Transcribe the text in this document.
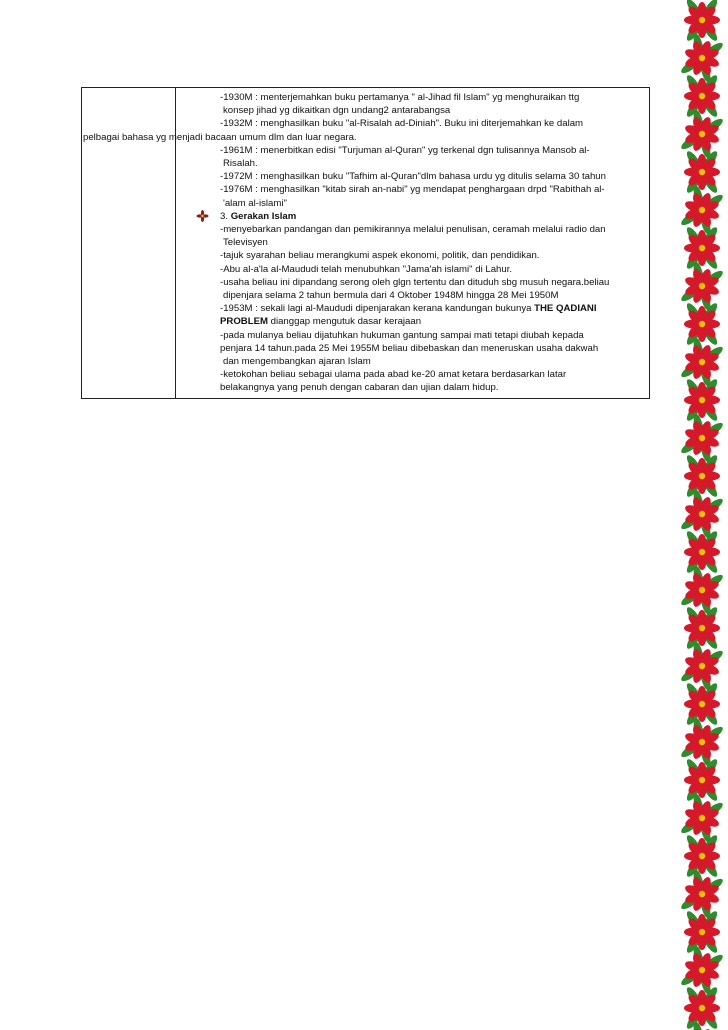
-1930M : menterjemahkan buku pertamanya " al-Jihad fil Islam" yg menghuraikan ttg
konsep jihad yg dikaitkan dgn undang2 antarabangsa
-1932M : menghasilkan buku "al-Risalah ad-Diniah". Buku ini diterjemahkan ke dalam
pelbagai bahasa yg menjadi bacaan umum dlm dan luar negara.
-1961M : menerbitkan edisi "Turjuman al-Quran" yg terkenal dgn tulisannya Mansob al-
Risalah.
-1972M : menghasilkan buku "Tafhim al-Quran"dlm bahasa urdu yg ditulis selama 30 tahun
-1976M : menghasilkan "kitab sirah an-nabi" yg mendapat penghargaan drpd "Rabithah al-
'alam al-islami"
3.
Gerakan Islam
-menyebarkan pandangan dan pemikirannya melalui penulisan, ceramah melalui radio dan
Televisyen
-tajuk syarahan beliau merangkumi aspek ekonomi, politik, dan pendidikan.
-Abu al-a'la al-Maududi telah menubuhkan "Jama'ah islami" di Lahur.
-usaha beliau ini dipandang serong oleh glgn tertentu dan dituduh sbg musuh negara.beliau
dipenjara selama 2 tahun bermula dari 4 Oktober 1948M hingga 28 Mei 1950M
-1953M : sekali lagi al-Maududi dipenjarakan kerana kandungan bukunya THE QADIANI
PROBLEM dianggap mengutuk dasar kerajaan
-pada mulanya beliau dijatuhkan hukuman gantung sampai mati tetapi diubah kepada
penjara 14 tahun.pada 25 Mei 1955M beliau dibebaskan dan meneruskan usaha dakwah
dan mengembangkan ajaran Islam
-ketokohan beliau sebagai ulama pada abad ke-20 amat ketara berdasarkan latar
belakangnya yang penuh dengan cabaran dan ujian dalam hidup.
